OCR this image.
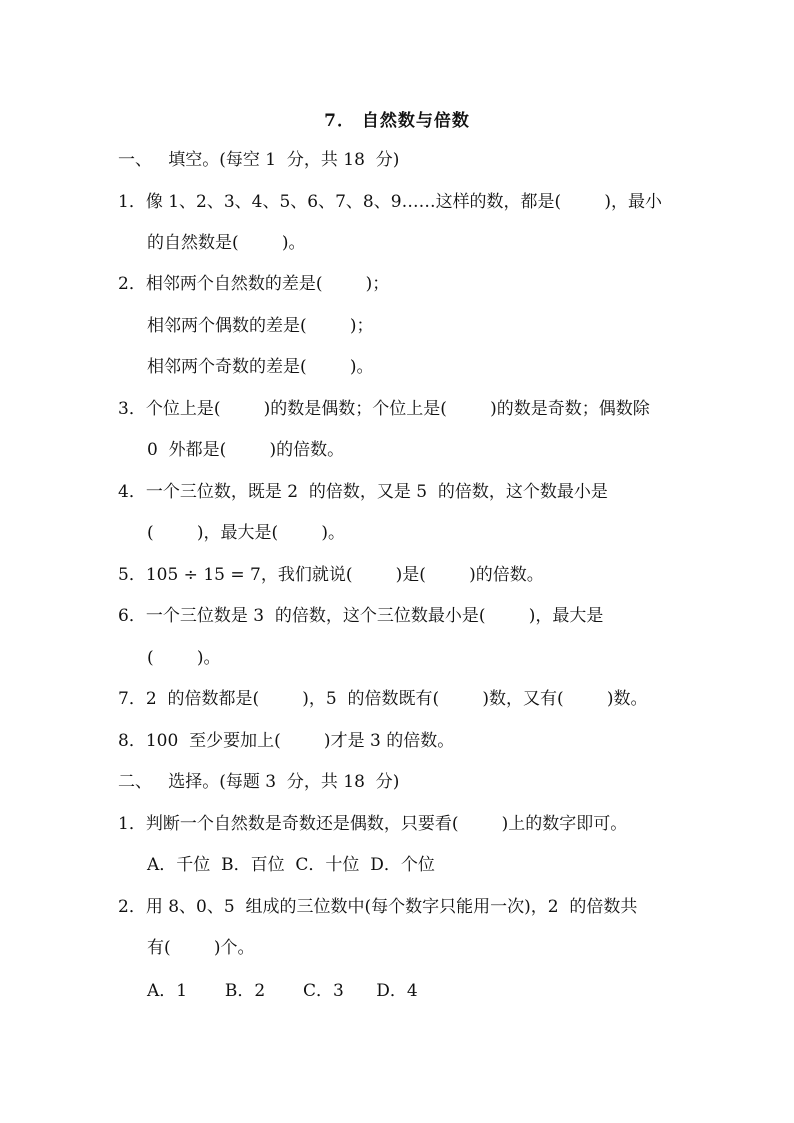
7． 自然数与倍数
一、   填空。(每空 1  分，共 18  分)
1．像 1、2、3、4、5、6、7、8、9……这样的数，都是(        )，最小
的自然数是(        )。
2．相邻两个自然数的差是(        )；
相邻两个偶数的差是(        )；
相邻两个奇数的差是(        )。
3．个位上是(        )的数是偶数；个位上是(        )的数是奇数；偶数除
0  外都是(        )的倍数。
4．一个三位数，既是 2  的倍数，又是 5  的倍数，这个数最小是
(        )，最大是(        )。
5．105 ÷ 15 = 7，我们就说(        )是(        )的倍数。
6．一个三位数是 3  的倍数，这个三位数最小是(        )，最大是
(        )。
7．2  的倍数都是(        )，5  的倍数既有(        )数，又有(        )数。
8．100  至少要加上(        )才是 3 的倍数。
二、   选择。(每题 3  分，共 18  分)
1．判断一个自然数是奇数还是偶数，只要看(        )上的数字即可。
A．千位  B．百位  C．十位  D．个位
2．用 8、0、5  组成的三位数中(每个数字只能用一次)，2  的倍数共
有(        )个。
A．1       B．2       C．3      D．4
